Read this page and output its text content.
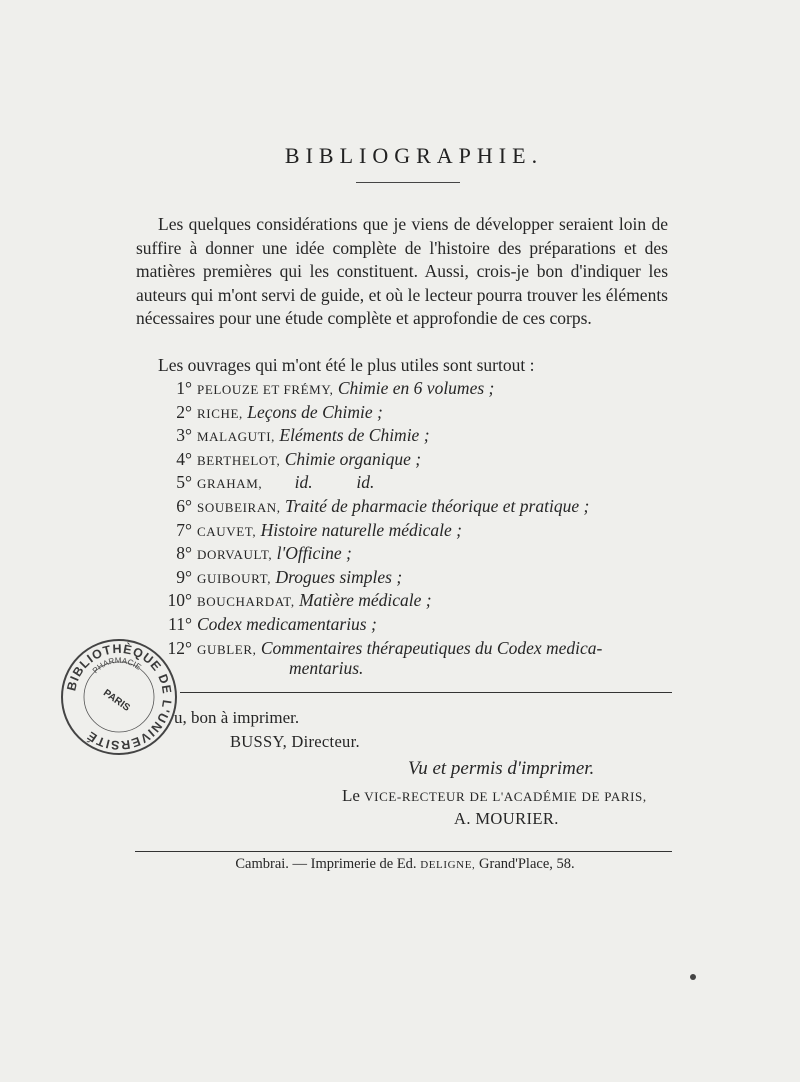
BIBLIOGRAPHIE.
Les quelques considérations que je viens de développer seraient loin de suffire à donner une idée complète de l'histoire des préparations et des matières premières qui les constituent. Aussi, crois-je bon d'indiquer les auteurs qui m'ont servi de guide, et où le lecteur pourra trouver les éléments nécessaires pour une étude complète et approfondie de ces corps.
Les ouvrages qui m'ont été le plus utiles sont surtout :
1° PELOUZE ET FRÉMY,
Chimie en 6 volumes ;
2° RICHE,
Leçons de Chimie ;
3° MALAGUTI,
Eléments de Chimie ;
4° BERTHELOT,
Chimie organique ;
5° GRAHAM,
	id.          id.
6° SOUBEIRAN,
Traité de pharmacie théorique et pratique ;
7° CAUVET,
Histoire naturelle médicale ;
8° DORVAULT,
l'Officine ;
9° GUIBOURT,
Drogues simples ;
10° BOUCHARDAT,
Matière médicale ;
11° Codex medicamentarius ;
12° GUBLER,
Commentaires thérapeutiques du Codex medica-
mentarius.
u, bon à imprimer.
BUSSY, Directeur.
Vu et permis d'imprimer.
Le VICE-RECTEUR DE L'ACADÉMIE DE PARIS,
A. MOURIER.
Cambrai. — Imprimerie de Ed. DELIGNE, Grand'Place, 58.
BIBLIOTHÈQUE DE L'UNIVERSITÉ
PHARMACIE
PARIS
